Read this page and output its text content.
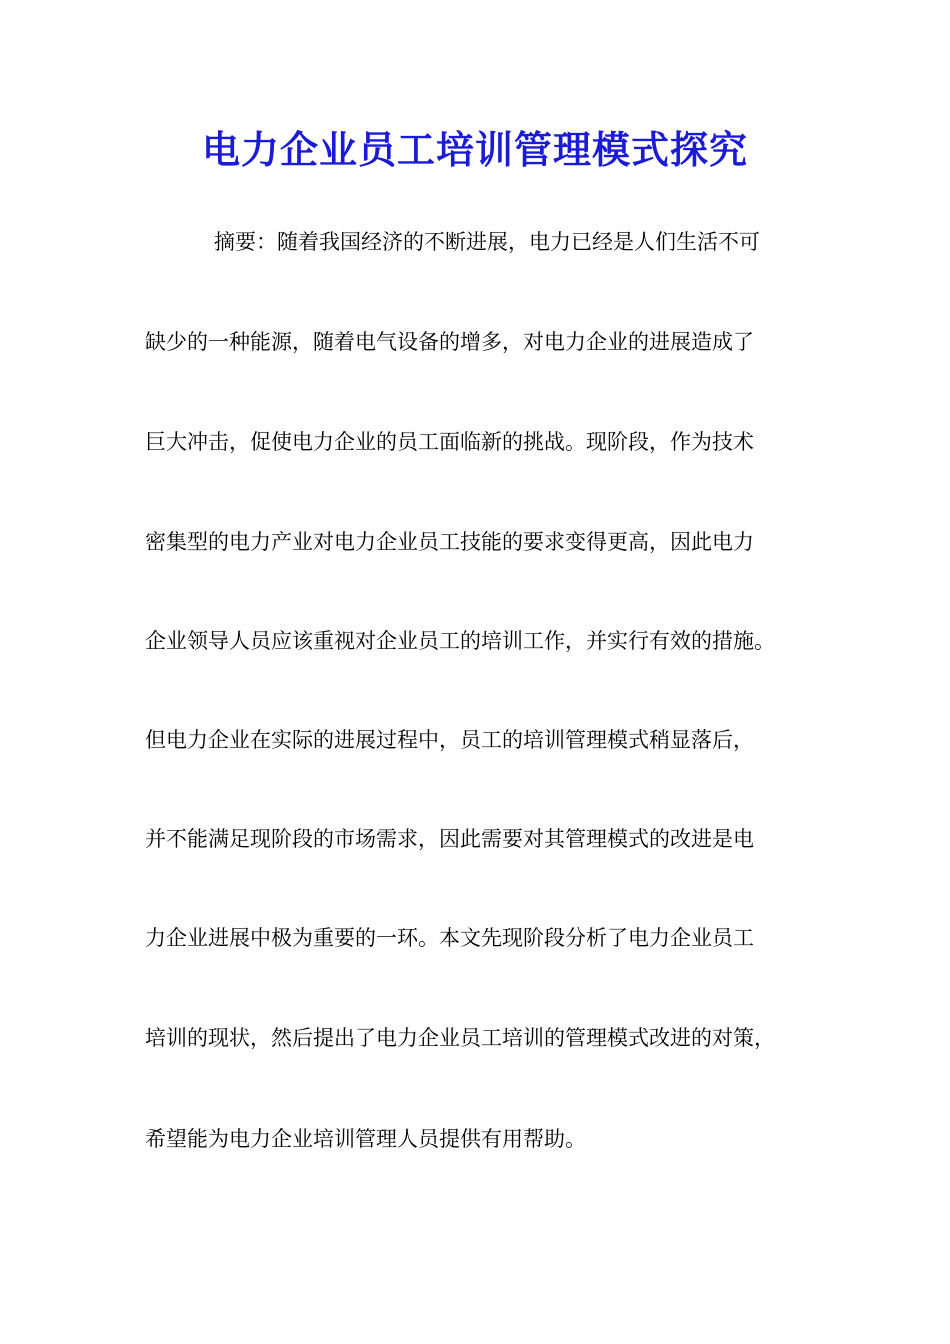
电力企业员工培训管理模式探究

摘要：随着我国经济的不断进展，电力已经是人们生活不可

缺少的一种能源，随着电气设备的增多，对电力企业的进展造成了

巨大冲击，促使电力企业的员工面临新的挑战。现阶段，作为技术

密集型的电力产业对电力企业员工技能的要求变得更高，因此电力

企业领导人员应该重视对企业员工的培训工作，并实行有效的措施。

但电力企业在实际的进展过程中，员工的培训管理模式稍显落后，

并不能满足现阶段的市场需求，因此需要对其管理模式的改进是电

力企业进展中极为重要的一环。本文先现阶段分析了电力企业员工

培训的现状，然后提出了电力企业员工培训的管理模式改进的对策，

希望能为电力企业培训管理人员提供有用帮助。
